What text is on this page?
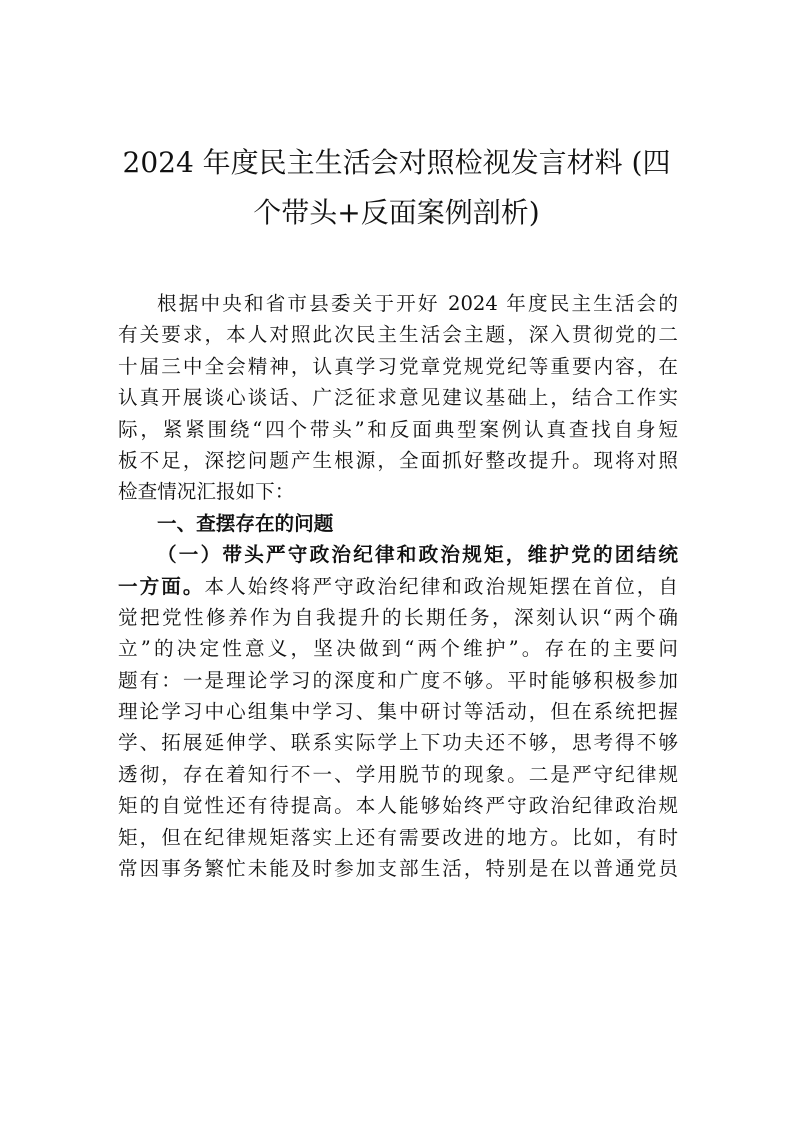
2024 年度民主生活会对照检视发言材料 (四
个带头+反面案例剖析)
根据中央和省市县委关于开好 2024 年度民主生活会的
有关要求，本人对照此次民主生活会主题，深入贯彻党的二
十届三中全会精神，认真学习党章党规党纪等重要内容，在
认真开展谈心谈话、广泛征求意见建议基础上，结合工作实
际，紧紧围绕“四个带头”和反面典型案例认真查找自身短
板不足，深挖问题产生根源，全面抓好整改提升。现将对照
检查情况汇报如下：
一、查摆存在的问题
（一）带头严守政治纪律和政治规矩，维护党的团结统
一方面。本人始终将严守政治纪律和政治规矩摆在首位，自
觉把党性修养作为自我提升的长期任务，深刻认识“两个确
立”的决定性意义，坚决做到“两个维护”。存在的主要问
题有：一是理论学习的深度和广度不够。平时能够积极参加
理论学习中心组集中学习、集中研讨等活动，但在系统把握
学、拓展延伸学、联系实际学上下功夫还不够，思考得不够
透彻，存在着知行不一、学用脱节的现象。二是严守纪律规
矩的自觉性还有待提高。本人能够始终严守政治纪律政治规
矩，但在纪律规矩落实上还有需要改进的地方。比如，有时
常因事务繁忙未能及时参加支部生活，特别是在以普通党员
